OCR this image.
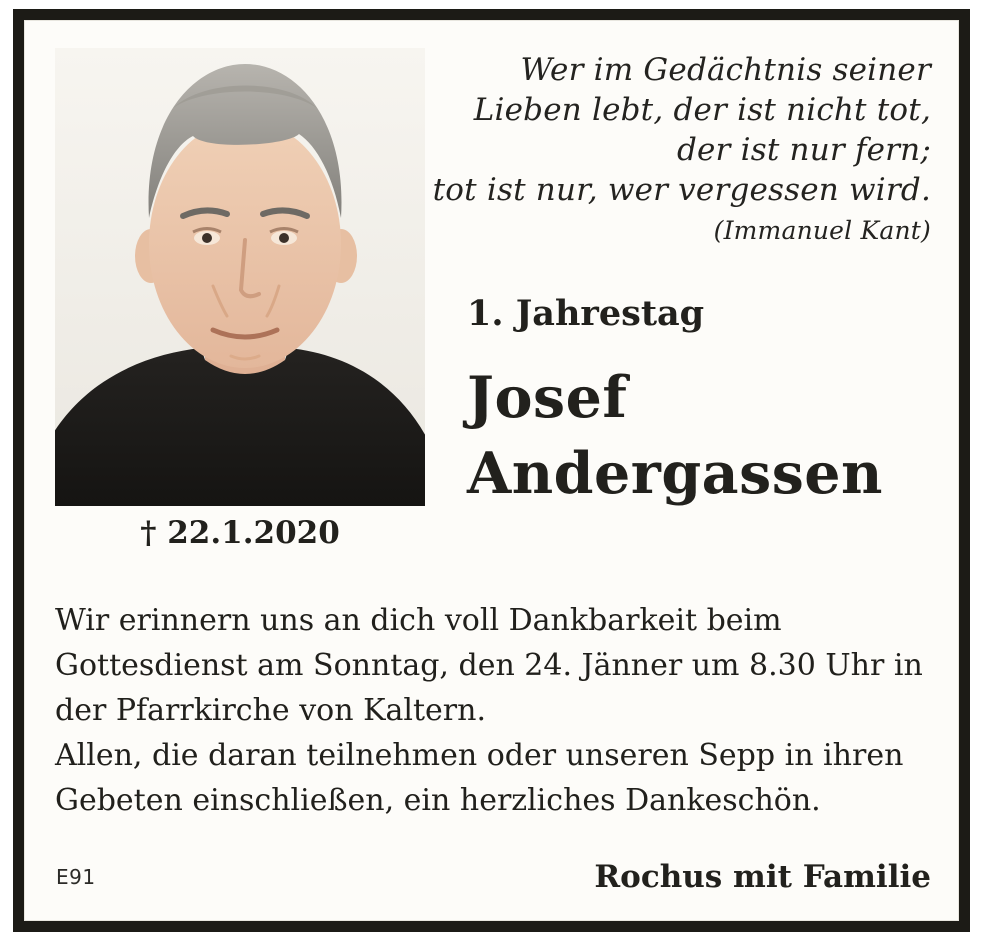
Wer im Gedächtnis seiner
Lieben lebt, der ist nicht tot,
der ist nur fern;
tot ist nur, wer vergessen wird.
(Immanuel Kant)
† 22.1.2020
1. Jahrestag
Josef
Andergassen

Wir erinnern uns an dich voll Dankbarkeit beim Gottesdienst am Sonntag, den 24. Jänner um 8.30 Uhr in der Pfarrkirche von Kaltern.

Allen, die daran teilnehmen oder unseren Sepp in ihren Gebeten einschließen, ein herzliches Dankeschön.

E91	Rochus mit Familie
